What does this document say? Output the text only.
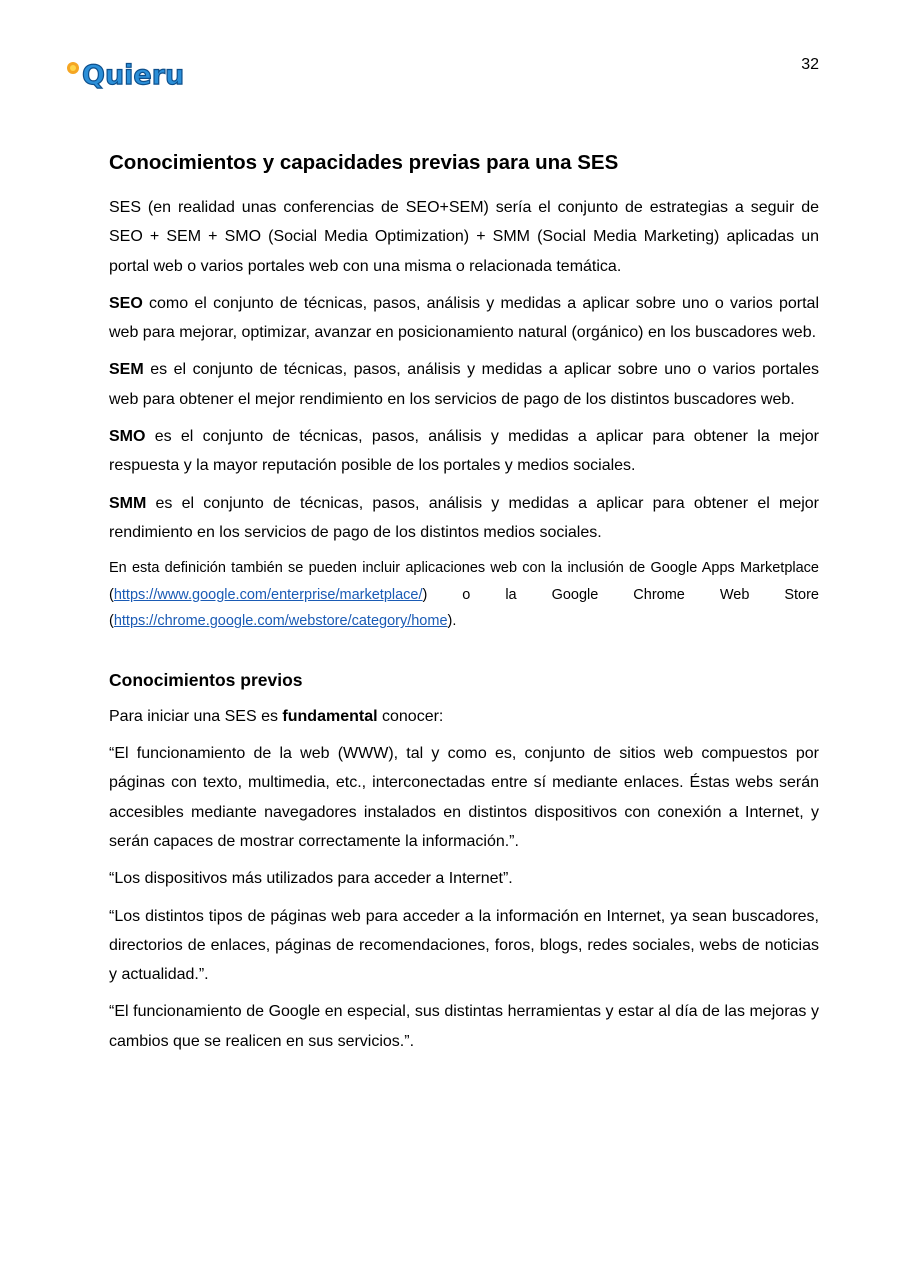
Quieru	32
Conocimientos y capacidades previas para una SES

SES (en realidad unas conferencias de SEO+SEM) sería el conjunto de estrategias a seguir de SEO + SEM + SMO (Social Media Optimization) + SMM (Social Media Marketing) aplicadas un portal web o varios portales web con una misma o relacionada temática.

SEO como el conjunto de técnicas, pasos, análisis y medidas a aplicar sobre uno o varios portal web para mejorar, optimizar, avanzar en posicionamiento natural (orgánico) en los buscadores web.

SEM es el conjunto de técnicas, pasos, análisis y medidas a aplicar sobre uno o varios portales web para obtener el mejor rendimiento en los servicios de pago de los distintos buscadores web.

SMO es el conjunto de técnicas, pasos, análisis y medidas a aplicar para obtener la mejor respuesta y la mayor reputación posible de los portales y medios sociales.

SMM es el conjunto de técnicas, pasos, análisis y medidas a aplicar para obtener el mejor rendimiento en los servicios de pago de los distintos medios sociales.

En esta definición también se pueden incluir aplicaciones web con la inclusión de Google Apps Marketplace (https://www.google.com/enterprise/marketplace/) o la Google Chrome Web Store (https://chrome.google.com/webstore/category/home).

Conocimientos previos

Para iniciar una SES es fundamental conocer:

“El funcionamiento de la web (WWW), tal y como es, conjunto de sitios web compuestos por páginas con texto, multimedia, etc., interconectadas entre sí mediante enlaces. Éstas webs serán accesibles mediante navegadores instalados en distintos dispositivos con conexión a Internet, y serán capaces de mostrar correctamente la información.”.

“Los dispositivos más utilizados para acceder a Internet”.

“Los distintos tipos de páginas web para acceder a la información en Internet, ya sean buscadores, directorios de enlaces, páginas de recomendaciones, foros, blogs, redes sociales, webs de noticias y actualidad.”.

“El funcionamiento de Google en especial, sus distintas herramientas y estar al día de las mejoras y cambios que se realicen en sus servicios.”.
